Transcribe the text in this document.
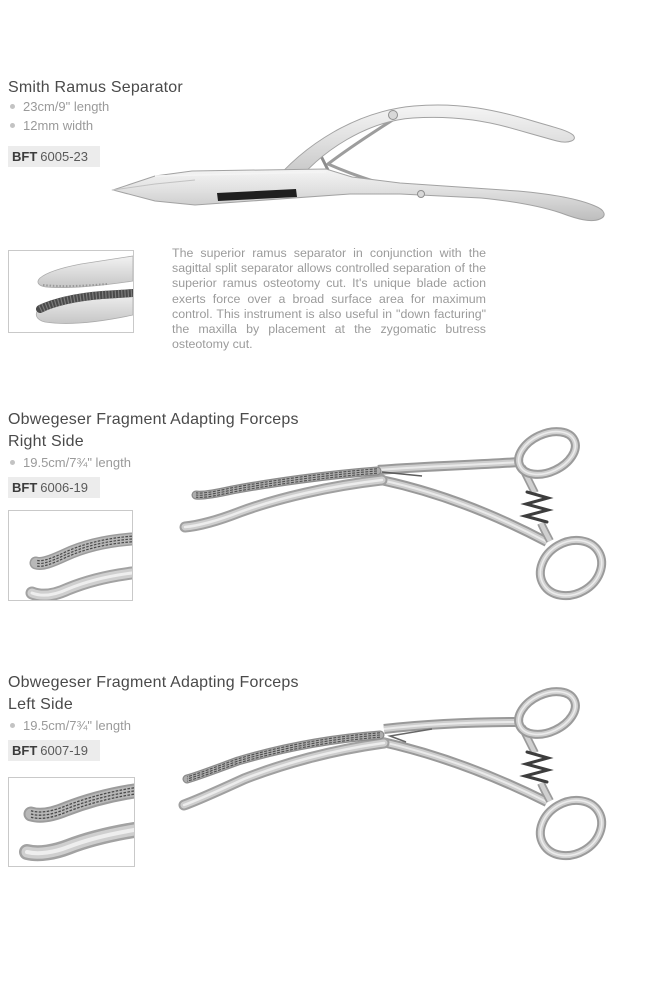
Smith Ramus Separator
23cm/9" length
12mm width
BFT 6005-23

The superior ramus separator in conjunction with the sagittal split separator allows controlled separation of the superior ramus osteotomy cut. It's unique blade action exerts force over a broad surface area for maximum control. This instrument is also useful in "down facturing" the maxilla by placement at the zygomatic butress osteotomy cut.

Obwegeser Fragment Adapting Forceps
Right Side
19.5cm/7¾" length
BFT 6006-19
Obwegeser Fragment Adapting Forceps
Left Side
19.5cm/7¾" length
BFT 6007-19
